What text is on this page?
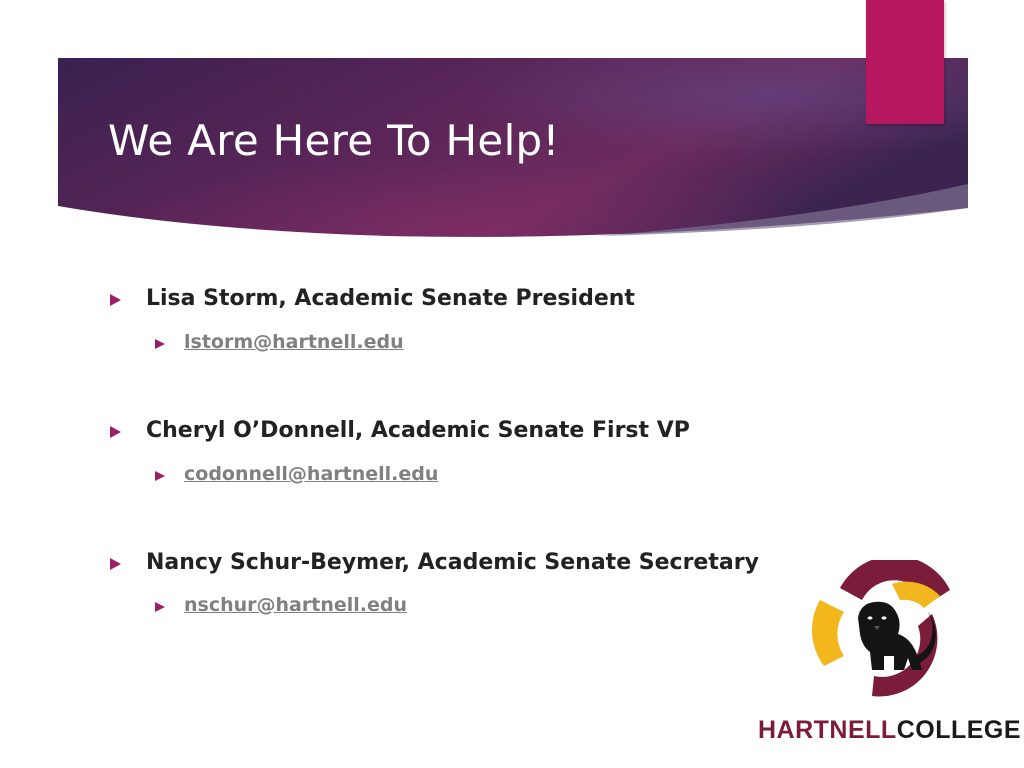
We Are Here To Help!
Lisa Storm, Academic Senate President
lstorm@hartnell.edu
Cheryl O’Donnell, Academic Senate First VP
codonnell@hartnell.edu
Nancy Schur-Beymer, Academic Senate Secretary
nschur@hartnell.edu
HARTNELLCOLLEGE
